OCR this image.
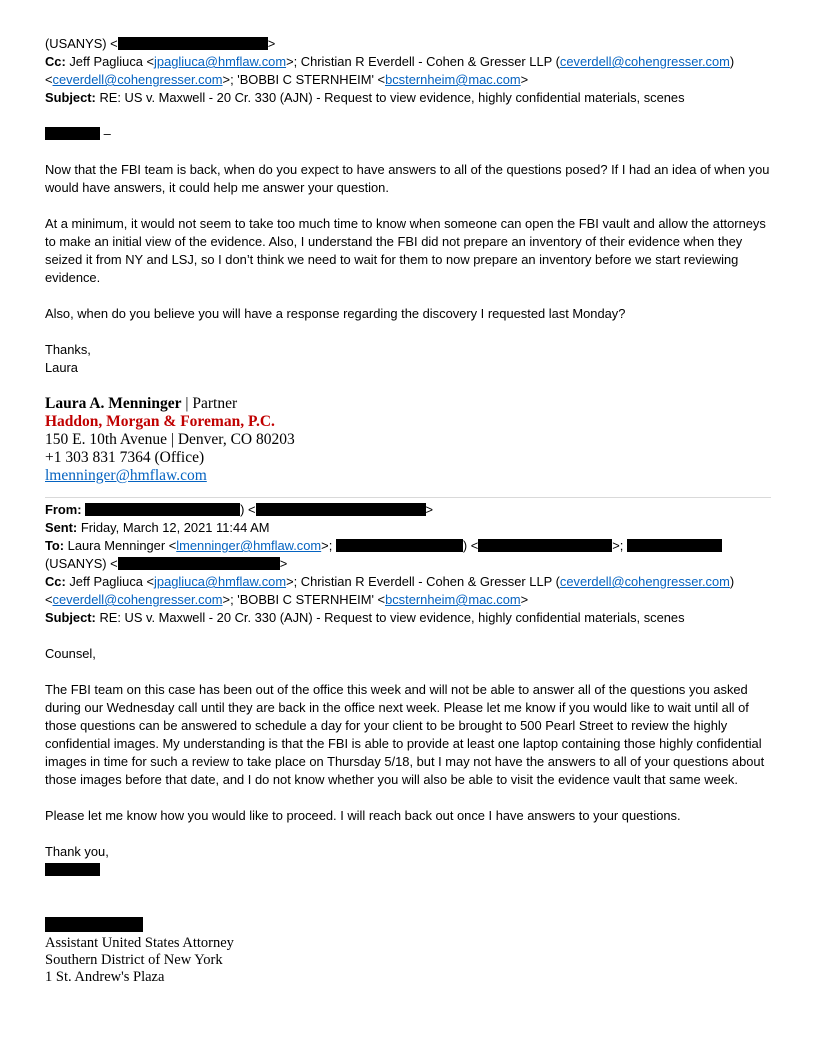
(USANYS) <	>
Cc: Jeff Pagliuca <jpagliuca@hmflaw.com>; Christian R Everdell - Cohen & Gresser LLP (ceverdell@cohengresser.com)
<ceverdell@cohengresser.com>; 'BOBBI C STERNHEIM' <bcsternheim@mac.com>
Subject: RE: US v. Maxwell - 20 Cr. 330 (AJN) - Request to view evidence, highly confidential materials, scenes
–

Now that the FBI team is back, when do you expect to have answers to all of the questions posed? If I had an idea of when you would have answers, it could help me answer your question.

At a minimum, it would not seem to take too much time to know when someone can open the FBI vault and allow the attorneys to make an initial view of the evidence. Also, I understand the FBI did not prepare an inventory of their evidence when they seized it from NY and LSJ, so I don’t think we need to wait for them to now prepare an inventory before we start reviewing evidence.

Also, when do you believe you will have a response regarding the discovery I requested last Monday?

Thanks,
Laura
Laura A. Menninger | Partner
Haddon, Morgan & Foreman, P.C.
150 E. 10th Avenue | Denver, CO 80203
+1 303 831 7364 (Office)
lmenninger@hmflaw.com
From:	) <	>
Sent: Friday, March 12, 2021 11:44 AM
To: Laura Menninger <lmenninger@hmflaw.com>;	) <	>;
(USANYS) <	>
Cc: Jeff Pagliuca <jpagliuca@hmflaw.com>; Christian R Everdell - Cohen & Gresser LLP (ceverdell@cohengresser.com)
<ceverdell@cohengresser.com>; 'BOBBI C STERNHEIM' <bcsternheim@mac.com>
Subject: RE: US v. Maxwell - 20 Cr. 330 (AJN) - Request to view evidence, highly confidential materials, scenes
Counsel,

The FBI team on this case has been out of the office this week and will not be able to answer all of the questions you asked during our Wednesday call until they are back in the office next week. Please let me know if you would like to wait until all of those questions can be answered to schedule a day for your client to be brought to 500 Pearl Street to review the highly confidential images. My understanding is that the FBI is able to provide at least one laptop containing those highly confidential images in time for such a review to take place on Thursday 5/18, but I may not have the answers to all of your questions about those images before that date, and I do not know whether you will also be able to visit the evidence vault that same week.

Please let me know how you would like to proceed. I will reach back out once I have answers to your questions.

Thank you,
Assistant United States Attorney
Southern District of New York
1 St. Andrew's Plaza
